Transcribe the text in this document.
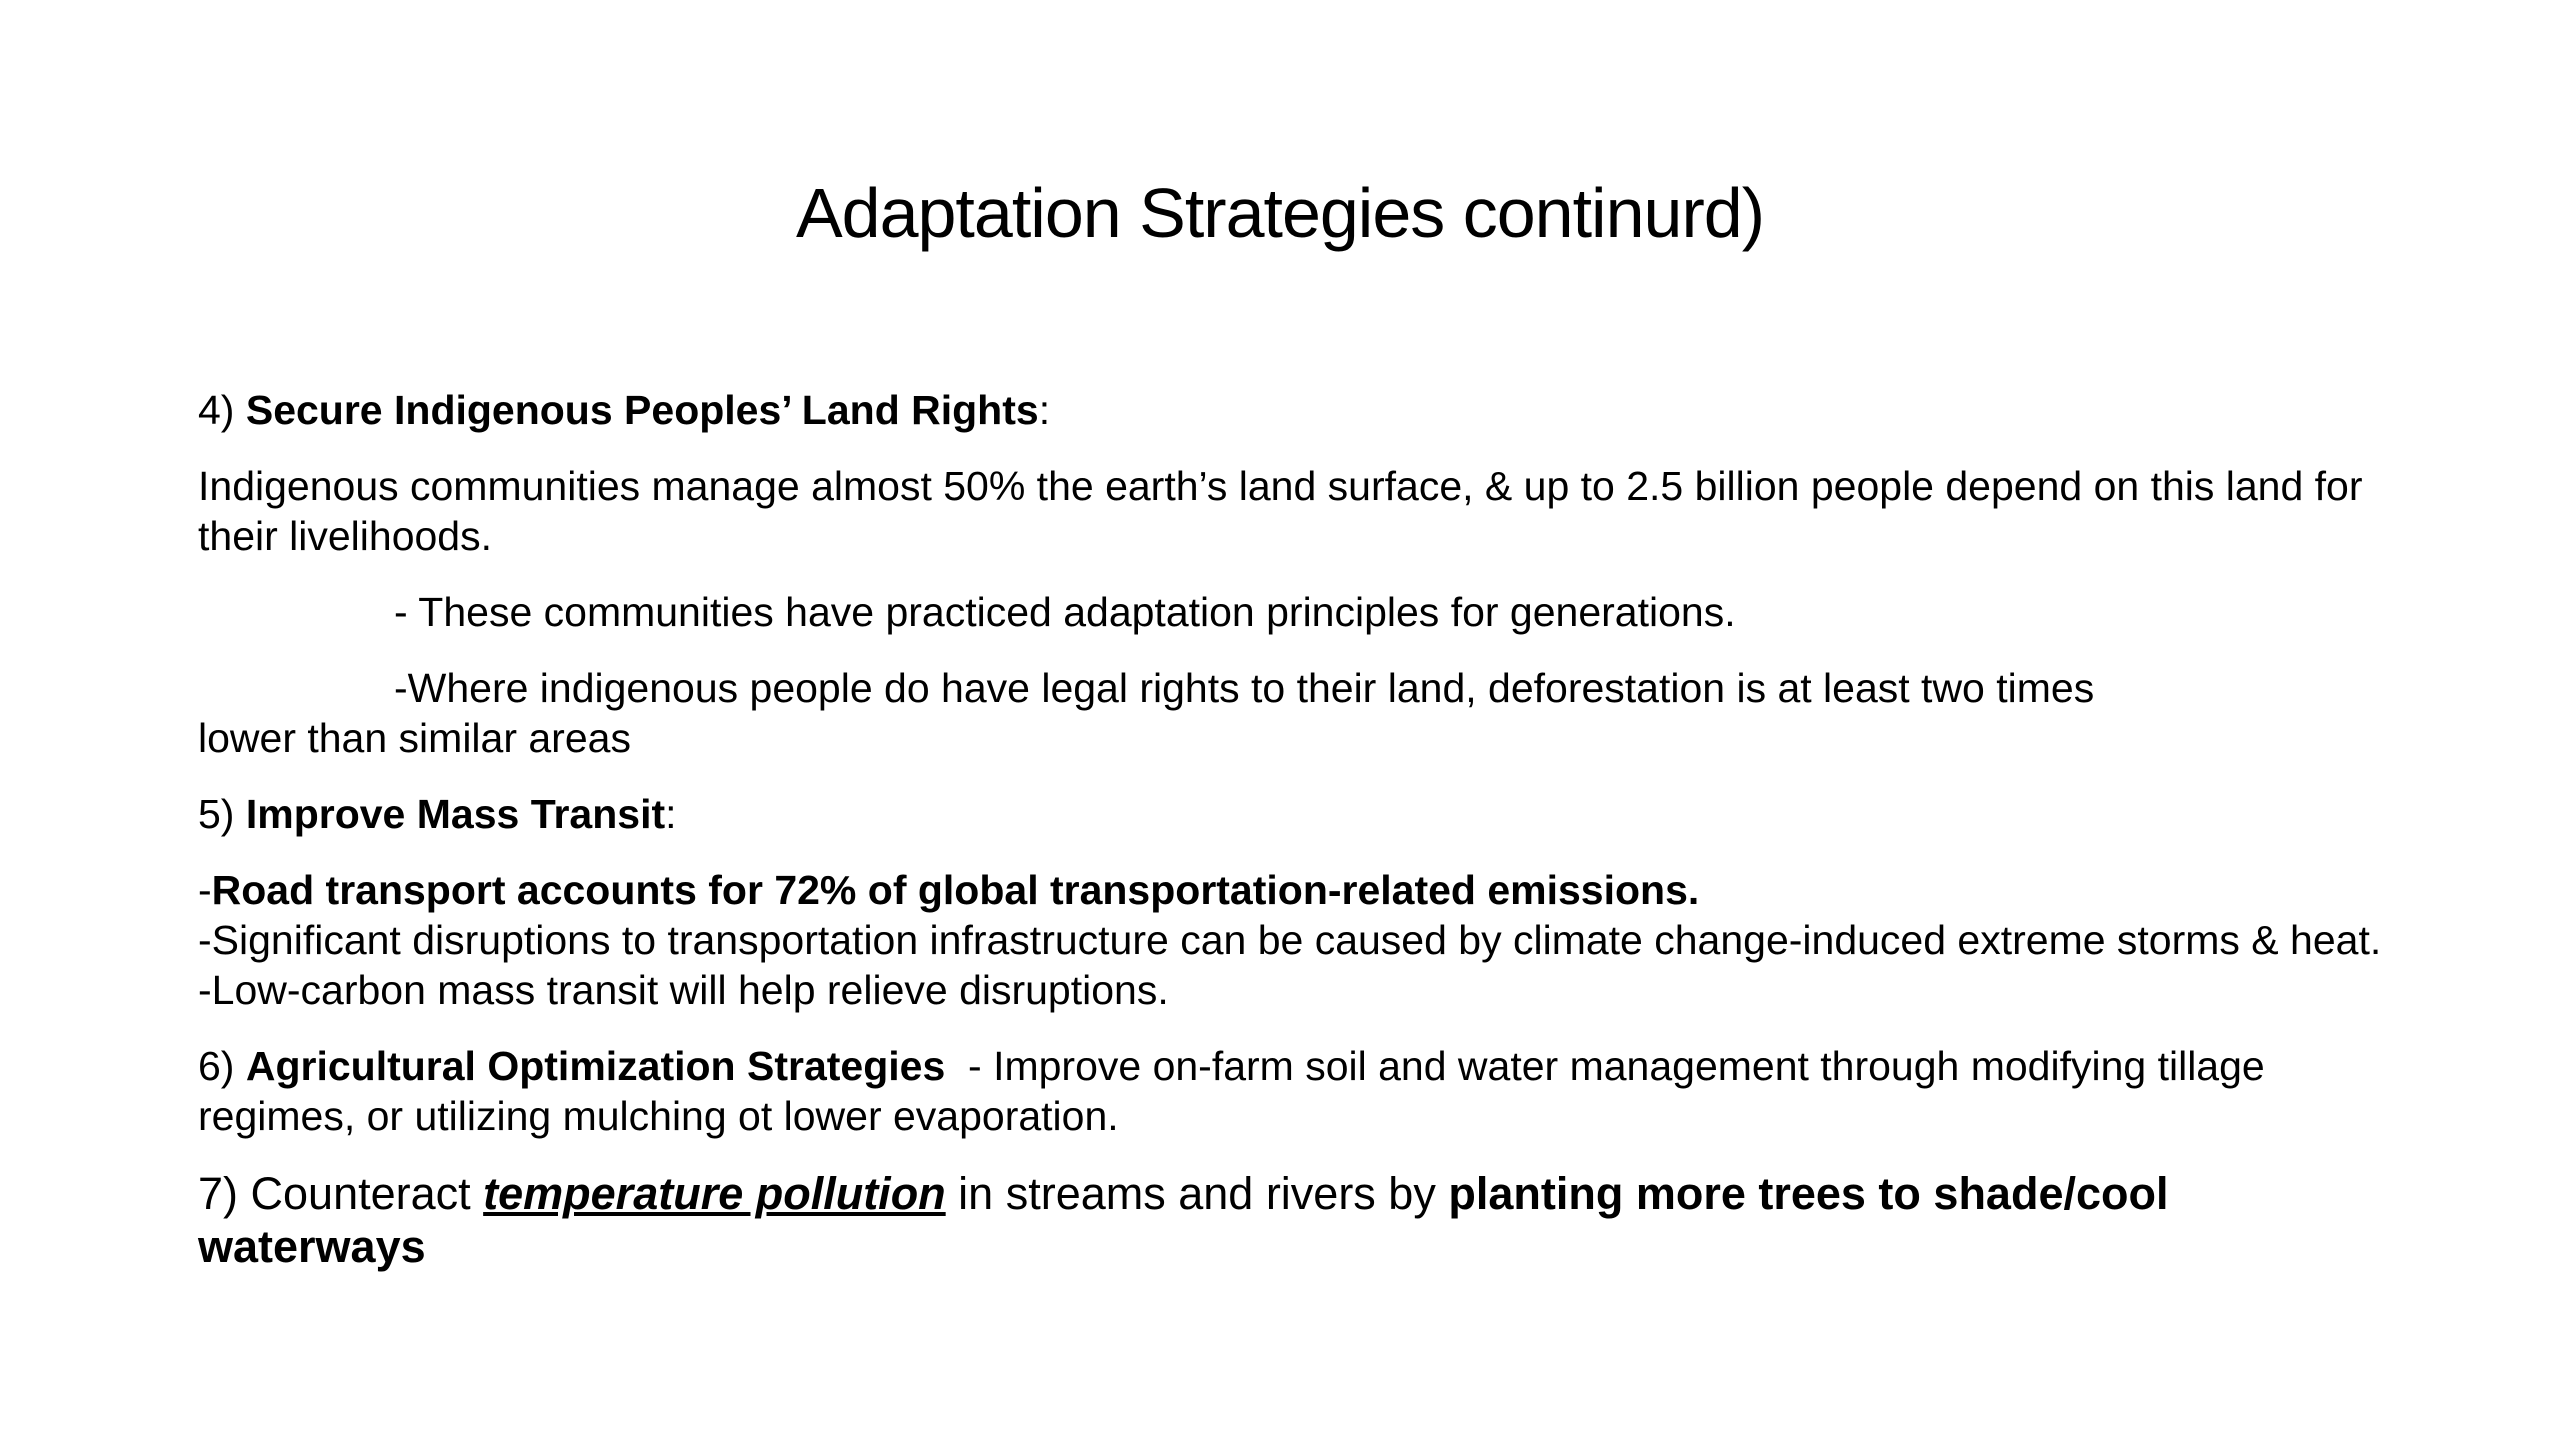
Adaptation Strategies continurd)

4) Secure Indigenous Peoples’ Land Rights:

Indigenous communities manage almost 50% the earth’s land surface, & up to 2.5 billion people depend on this land for their livelihoods.

- These communities have practiced adaptation principles for generations.

-Where indigenous people do have legal rights to their land, deforestation is at least two times
lower than similar areas

5) Improve Mass Transit:

-Road transport accounts for 72% of global transportation-related emissions.

-Significant disruptions to transportation infrastructure can be caused by climate change-induced extreme storms & heat. -Low-carbon mass transit will help relieve disruptions.

6) Agricultural Optimization Strategies  - Improve on-farm soil and water management through modifying tillage regimes, or utilizing mulching ot lower evaporation.

7) Counteract temperature pollution in streams and rivers by planting more trees to shade/cool waterways
